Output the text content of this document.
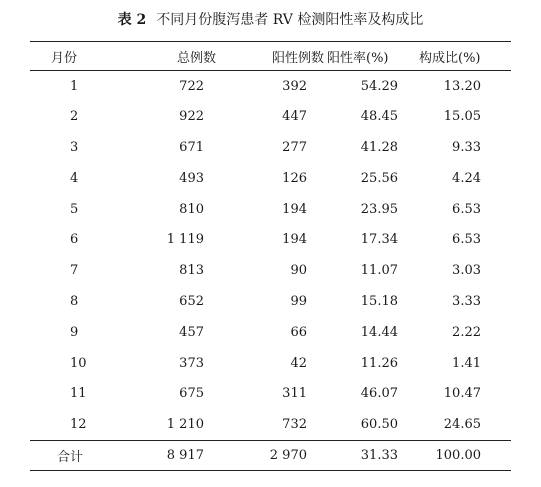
表 2 不同月份腹泻患者 RV 检测阳性率及构成比
月份	总例数	阳性例数	阳性率(%)	构成比(%)
1	722	392	54.29	13.20
2	922	447	48.45	15.05
3	671	277	41.28	9.33
4	493	126	25.56	4.24
5	810	194	23.95	6.53
6	1 119	194	17.34	6.53
7	813	90	11.07	3.03
8	652	99	15.18	3.33
9	457	66	14.44	2.22
10	373	42	11.26	1.41
11	675	311	46.07	10.47
12	1 210	732	60.50	24.65
合计	8 917	2 970	31.33	100.00
